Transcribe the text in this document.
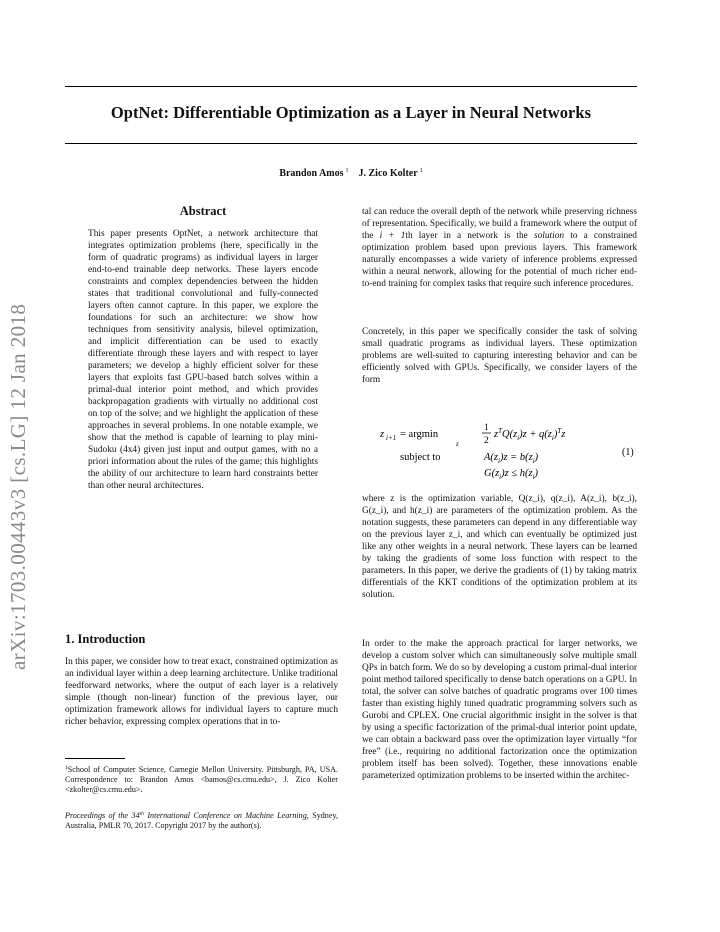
OptNet: Differentiable Optimization as a Layer in Neural Networks
Brandon Amos $^1$ J. Zico Kolter $^1$
arXiv:1703.00443v3 [cs.LG] 12 Jan 2018
Abstract
This paper presents OptNet, a network architecture that integrates optimization problems (here, specifically in the form of quadratic programs) as individual layers in larger end-to-end trainable deep networks. These layers encode constraints and complex dependencies between the hidden states that traditional convolutional and fully-connected layers often cannot capture. In this paper, we explore the foundations for such an architecture: we show how techniques from sensitivity analysis, bilevel optimization, and implicit differentiation can be used to exactly differentiate through these layers and with respect to layer parameters; we develop a highly efficient solver for these layers that exploits fast GPU-based batch solves within a primal-dual interior point method, and which provides backpropagation gradients with virtually no additional cost on top of the solve; and we highlight the application of these approaches in several problems. In one notable example, we show that the method is capable of learning to play mini-Sudoku (4x4) given just input and output games, with no a priori information about the rules of the game; this highlights the ability of our architecture to learn hard constraints better than other neural architectures.
1. Introduction
In this paper, we consider how to treat exact, constrained optimization as an individual layer within a deep learning architecture. Unlike traditional feedforward networks, where the output of each layer is a relatively simple (though non-linear) function of the previous layer, our optimization framework allows for individual layers to capture much richer behavior, expressing complex operations that in to-
$^1$School of Computer Science, Carnegie Mellon University. Pittsburgh, PA, USA. Correspondence to: Brandon Amos <bamos@cs.cmu.edu>, J. Zico Kolter <zkolter@cs.cmu.edu>.
Proceedings of the 34th International Conference on Machine Learning, Sydney, Australia, PMLR 70, 2017. Copyright 2017 by the author(s).
tal can reduce the overall depth of the network while preserving richness of representation. Specifically, we build a framework where the output of the i + 1th layer in a network is the solution to a constrained optimization problem based upon previous layers. This framework naturally encompasses a wide variety of inference problems expressed within a neural network, allowing for the potential of much richer end-to-end training for complex tasks that require such inference procedures.
Concretely, in this paper we specifically consider the task of solving small quadratic programs as individual layers. These optimization problems are well-suited to capturing interesting behavior and can be efficiently solved with GPUs. Specifically, we consider layers of the form
z i+1 = argmin
z
1
2
$z^TQ(z_i)z + q(z_i)^Tz$
subject to	$A(z_i)z = b(z_i)$
$G(z_i)z \le h(z_i)$
(1)
where z is the optimization variable, Q(z_i), q(z_i), A(z_i), b(z_i), G(z_i), and h(z_i) are parameters of the optimization problem. As the notation suggests, these parameters can depend in any differentiable way on the previous layer z_i, and which can eventually be optimized just like any other weights in a neural network. These layers can be learned by taking the gradients of some loss function with respect to the parameters. In this paper, we derive the gradients of (1) by taking matrix differentials of the KKT conditions of the optimization problem at its solution.
In order to the make the approach practical for larger networks, we develop a custom solver which can simultaneously solve multiple small QPs in batch form. We do so by developing a custom primal-dual interior point method tailored specifically to dense batch operations on a GPU. In total, the solver can solve batches of quadratic programs over 100 times faster than existing highly tuned quadratic programming solvers such as Gurobi and CPLEX. One crucial algorithmic insight in the solver is that by using a specific factorization of the primal-dual interior point update, we can obtain a backward pass over the optimization layer virtually “for free” (i.e., requiring no additional factorization once the optimization problem itself has been solved). Together, these innovations enable parameterized optimization problems to be inserted within the architec-
